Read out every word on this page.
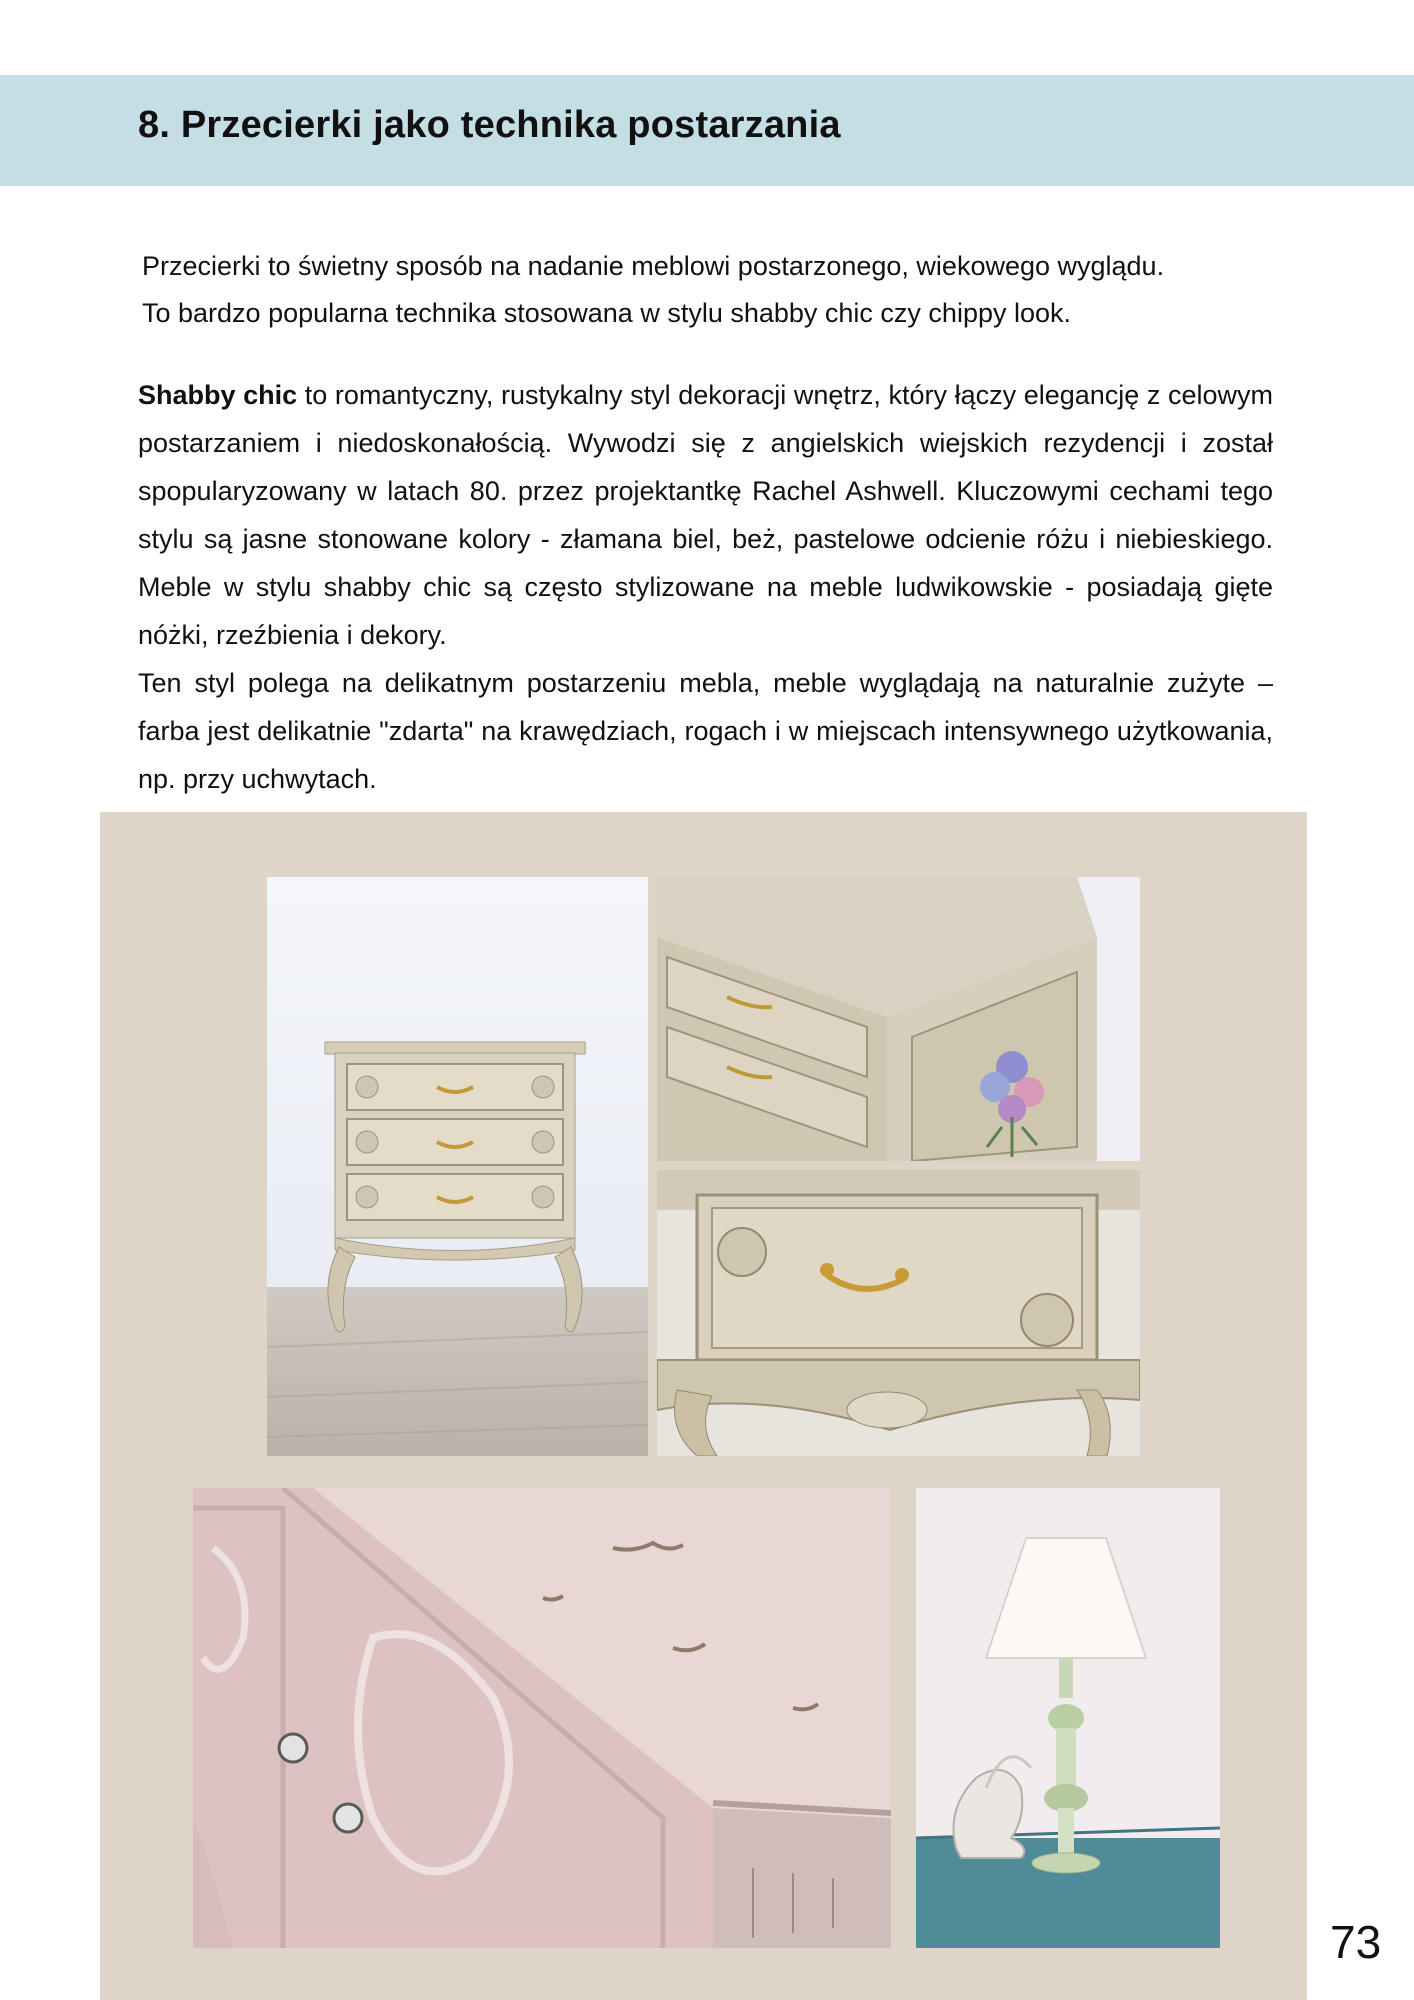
8. Przecierki jako technika postarzania

Przecierki to świetny sposób na nadanie meblowi postarzonego, wiekowego wyglądu.

To bardzo popularna technika stosowana w stylu shabby chic czy chippy look.

Shabby chic to romantyczny, rustykalny styl dekoracji wnętrz, który łączy elegancję z celowym postarzaniem i niedoskonałością. Wywodzi się z angielskich wiejskich rezydencji i został spopularyzowany w latach 80. przez projektantkę Rachel Ashwell. Kluczowymi cechami tego stylu są jasne stonowane kolory - złamana biel, beż, pastelowe odcienie różu i niebieskiego. Meble w stylu shabby chic są często stylizowane na meble ludwikowskie - posiadają gięte nóżki, rzeźbienia i dekory.

Ten styl polega na delikatnym postarzeniu mebla, meble wyglądają na naturalnie zużyte – farba jest delikatnie "zdarta" na krawędziach, rogach i w miejscach intensywnego użytkowania, np. przy uchwytach.

73
